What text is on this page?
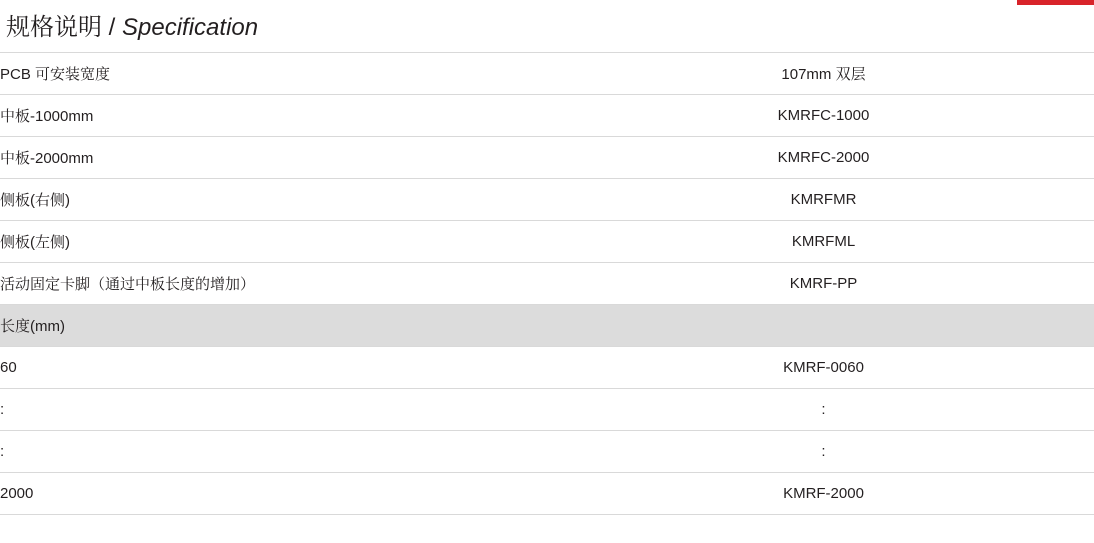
规格说明 / Specification
PCB 可安装宽度	107mm 双层
中板-1000mm	KMRFC-1000
中板-2000mm	KMRFC-2000
侧板(右侧)	KMRFMR
侧板(左侧)	KMRFML
活动固定卡脚（通过中板长度的增加）	KMRF-PP
长度(mm)	
60	KMRF-0060
:	:
:	:
2000	KMRF-2000
